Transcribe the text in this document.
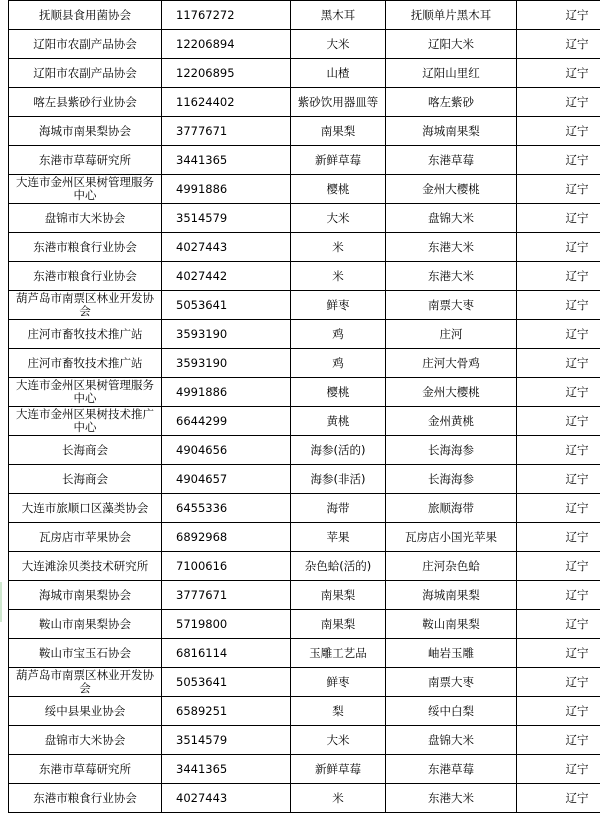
抚顺县食用菌协会	11767272	黑木耳	抚顺单片黑木耳	辽宁
辽阳市农副产品协会	12206894	大米	辽阳大米	辽宁
辽阳市农副产品协会	12206895	山楂	辽阳山里红	辽宁
喀左县紫砂行业协会	11624402	紫砂饮用器皿等	喀左紫砂	辽宁
海城市南果梨协会	3777671	南果梨	海城南果梨	辽宁
东港市草莓研究所	3441365	新鲜草莓	东港草莓	辽宁
大连市金州区果树管理服务中心	4991886	樱桃	金州大樱桃	辽宁
盘锦市大米协会	3514579	大米	盘锦大米	辽宁
东港市粮食行业协会	4027443	米	东港大米	辽宁
东港市粮食行业协会	4027442	米	东港大米	辽宁
葫芦岛市南票区林业开发协会	5053641	鲜枣	南票大枣	辽宁
庄河市畜牧技术推广站	3593190	鸡	庄河	辽宁
庄河市畜牧技术推广站	3593190	鸡	庄河大骨鸡	辽宁
大连市金州区果树管理服务中心	4991886	樱桃	金州大樱桃	辽宁
大连市金州区果树技术推广中心	6644299	黄桃	金州黄桃	辽宁
长海商会	4904656	海参(活的)	长海海参	辽宁
长海商会	4904657	海参(非活)	长海海参	辽宁
大连市旅顺口区藻类协会	6455336	海带	旅顺海带	辽宁
瓦房店市苹果协会	6892968	苹果	瓦房店小国光苹果	辽宁
大连滩涂贝类技术研究所	7100616	杂色蛤(活的)	庄河杂色蛤	辽宁
海城市南果梨协会	3777671	南果梨	海城南果梨	辽宁
鞍山市南果梨协会	5719800	南果梨	鞍山南果梨	辽宁
鞍山市宝玉石协会	6816114	玉雕工艺品	岫岩玉雕	辽宁
葫芦岛市南票区林业开发协会	5053641	鲜枣	南票大枣	辽宁
绥中县果业协会	6589251	梨	绥中白梨	辽宁
盘锦市大米协会	3514579	大米	盘锦大米	辽宁
东港市草莓研究所	3441365	新鲜草莓	东港草莓	辽宁
东港市粮食行业协会	4027443	米	东港大米	辽宁
